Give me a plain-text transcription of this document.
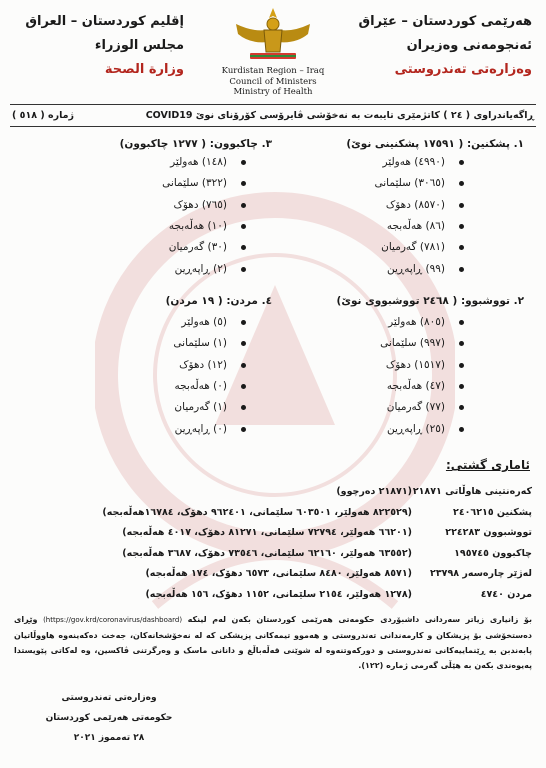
هەرێمی کوردستان – عێراق
ئەنجومەنی وەزیران
وەزارەتی تەندروستی
Kurdistan Region – Iraq
Council of Ministers
Ministry of Health
إقليم كوردستان – العراق
مجلس الوزراء
وزارة الصحة
ڕاگەیاندراوی ( ٢٤ ) کاتژمێری تایبەت بە نەخۆشی ڤایرۆسی کۆرۆنای نوێ COVID19
ژمارە ( ٥١٨ )
١. پشکنین: ( ١٧٥٩١ پشکنینی نوێ)
(٤٩٩٠) هەولێر
(٣٠٦٥) سلێمانی
(٨٥٧٠) دهۆک
(٨٦) هەڵەبجە
(٧٨١) گەرمیان
(٩٩) ڕاپەڕین
٣. چاکبوون: ( ١٢٧٧ چاکبوون)
(١٤٨) هەولێر
(٣٢٢) سلێمانی
(٧٦٥) دهۆک
(١٠) هەڵەبجە
(٣٠) گەرمیان
(٢) ڕاپەڕین
٢. تووشبوو: ( ٢٤٦٨ تووشبووی نوێ)
(٨٠٥) هەولێر
(٩٩٧) سلێمانی
(١٥١٧) دهۆک
(٤٧) هەڵەبجە
(٧٧) گەرمیان
(٢٥) ڕاپەڕین
٤. مردن: ( ١٩ مردن)
(٥) هەولێر
(١) سلێمانی
(١٢) دهۆک
(٠) هەڵەبجە
(١) گەرمیان
(٠) ڕاپەڕین
ئاماری گشتی:
کەرەنتینی هاوڵاتی ٢١٨٧١
(٢١٨٧١ دەرچوو)
پشکنین ٢٤٠٦٢١٥
(٨٢٢٥٢٩ هەولێر، ٦٠٣٥٠١ سلێمانی، ٩٦٢٤٠١ دهۆک، ١٦٧٨٤هەڵەبجە)
تووشبوون ٢٢٤٢٨٣
(٦٦٢٠١ هەولێر، ٧٢٧٩٤ سلێمانی، ٨١٢٧١ دهۆک، ٤٠١٧ هەڵەبجە)
چاکبوون ١٩٥٧٤٥
(٦٣٥٥٢ هەولێر، ٦٢١٦٠ سلێمانی، ٧٣٥٤٦ دهۆک، ٣٦٨٧ هەڵەبجە)
لەژێر چارەسەر ٢٣٧٩٨
(٨٥٧١ هەولێر، ٨٤٨٠ سلێمانی، ٦٥٧٣ دهۆک، ١٧٤ هەڵەبجە)
مردن ٤٧٤٠
(١٢٧٨ هەولێر، ٢١٥٤ سلێمانی، ١١٥٢ دهۆک، ١٥٦ هەڵەبجە)
بۆ زانیاری زیاتر سەردانی داشبۆردی حکومەتی هەرێمی کوردستان بکەن لەم لینکە (https://gov.krd/coronavirus/dashboard) وێڕای دەستخۆشی بۆ پزیشکان و کارمەندانی تەندروستی و هەموو تیمەکانی پزیشکی کە لە نەخۆشخانەکان، جەخت دەکەینەوە هاووڵاتیان پابەندبن بە ڕێنماییەکانی تەندروستی و دورکەوتنەوە لە شوێنی قەڵەباڵغ و دانانی ماسک و وەرگرتنی ڤاکسین، وە لەکاتی پێویستدا پەیوەندی بکەن بە هێڵی گەرمی ژمارە (١٢٢).
وەزارەتی تەندروستی
حکومەتی هەرێمی کوردستان
٢٨ تەمموز ٢٠٢١
